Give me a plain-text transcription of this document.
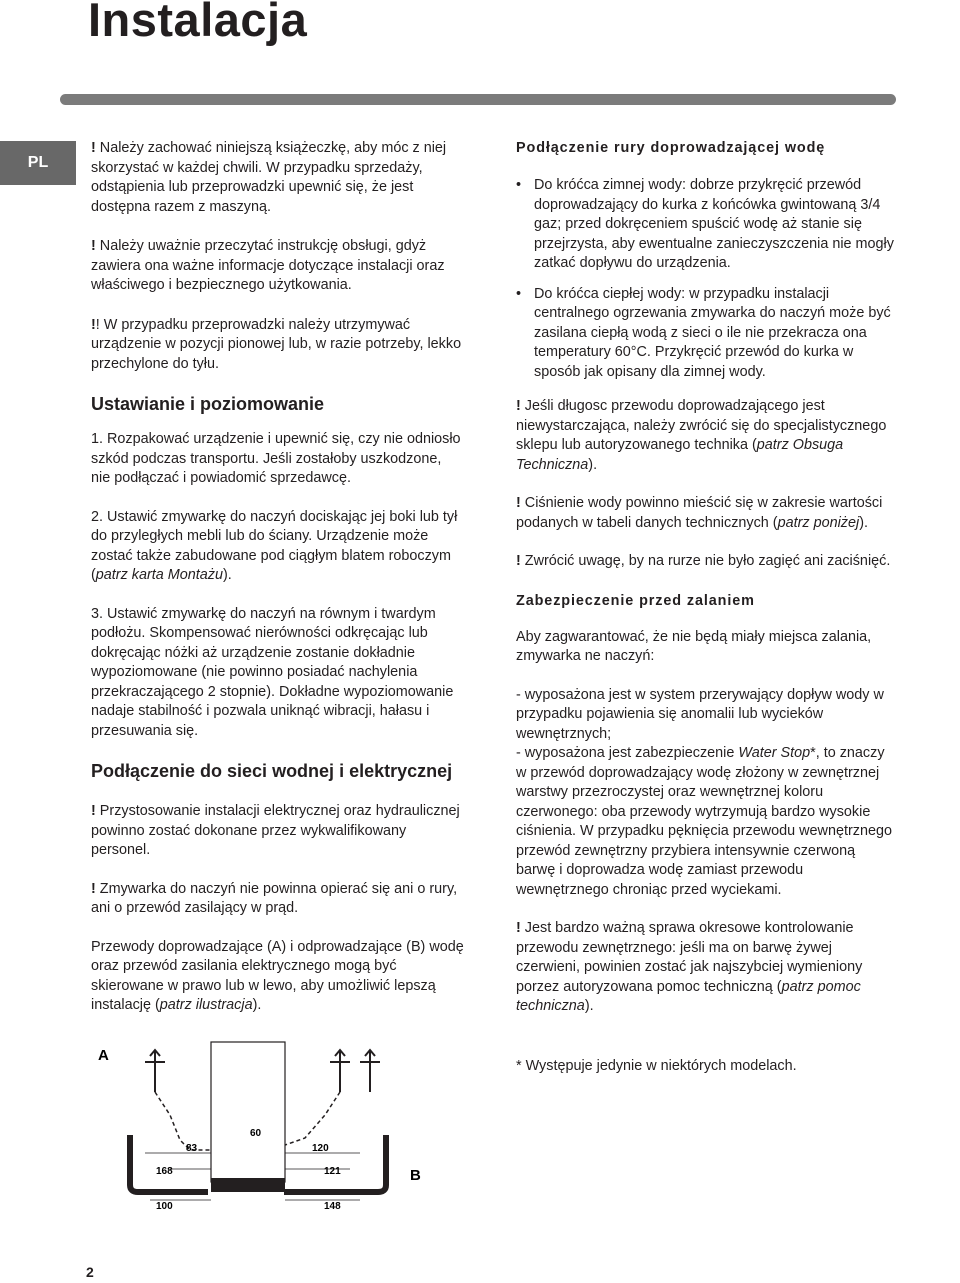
Instalacja
PL

! Należy zachować niniejszą książeczkę, aby móc z niej skorzystać w każdej chwili. W przypadku sprzedaży, odstąpienia lub przeprowadzki upewnić się, że jest dostępna razem z maszyną.

! Należy uważnie przeczytać instrukcję obsługi, gdyż zawiera ona ważne informacje dotyczące instalacji oraz właściwego i bezpiecznego użytkowania.

!! W przypadku przeprowadzki należy utrzymywać urządzenie w pozycji pionowej lub, w razie potrzeby, lekko przechylone do tyłu.

Ustawianie i poziomowanie

1. Rozpakować urządzenie i upewnić się, czy nie odniosło szkód podczas transportu. Jeśli zostałoby uszkodzone, nie podłączać i powiadomić sprzedawcę.

2. Ustawić zmywarkę do naczyń dociskając jej boki lub tył do przyległych mebli lub do ściany. Urządzenie może zostać także zabudowane pod ciągłym blatem roboczym (patrz karta Montażu).

3. Ustawić zmywarkę do naczyń na równym i twardym podłożu. Skompensować nierówności odkręcając lub dokręcając nóżki aż urządzenie zostanie dokładnie wypoziomowane (nie powinno posiadać nachylenia przekraczającego 2 stopnie). Dokładne wypoziomowanie nadaje stabilność i pozwala uniknąć wibracji, hałasu i przesuwania się.

Podłączenie do sieci wodnej i elektrycznej

! Przystosowanie instalacji elektrycznej oraz hydraulicznej powinno zostać dokonane przez wykwalifikowany personel.

! Zmywarka do naczyń nie powinna opierać się ani o rury, ani o przewód zasilający w prąd.

Przewody doprowadzające (A) i odprowadzające (B) wodę oraz przewód zasilania elektrycznego mogą być skierowane w prawo lub w lewo, aby umożliwić lepszą instalację (patrz ilustracja).

A
B
60
83	120
168	121
100	148

Podłączenie rury doprowadzającej wodę

• Do króćca zimnej wody: dobrze przykręcić przewód doprowadzający do kurka z końcówka gwintowaną 3/4 gaz; przed dokręceniem spuścić wodę aż stanie się przejrzysta, aby ewentualne zanieczyszczenia nie mogły zatkać dopływu do urządzenia.
• Do króćca ciepłej wody: w przypadku instalacji centralnego ogrzewania zmywarka do naczyń może być zasilana ciepłą wodą z sieci o ile nie przekracza ona temperatury 60°C. Przykręcić przewód do kurka w sposób jak opisany dla zimnej wody.

! Jeśli długosc przewodu doprowadzającego jest niewystarczająca, należy zwrócić się do specjalistycznego sklepu lub autoryzowanego technika (patrz Obsuga Techniczna).

! Ciśnienie wody powinno mieścić się w zakresie wartości podanych w tabeli danych technicznych (patrz poniżej).

! Zwrócić uwagę, by na rurze nie było zagięć ani zaciśnięć.

Zabezpieczenie przed zalaniem

Aby zagwarantować, że nie będą miały miejsca zalania, zmywarka ne naczyń:

- wyposażona jest w system przerywający dopływ wody w przypadku pojawienia się anomalii lub wycieków wewnętrznych;

- wyposażona jest zabezpieczenie Water Stop*, to znaczy w przewód doprowadzający wodę złożony w zewnętrznej warstwy przezroczystej oraz wewnętrznej koloru czerwonego: oba przewody wytrzymują bardzo wysokie ciśnienia. W przypadku pęknięcia przewodu wewnętrznego przewód zewnętrzny przybiera intensywnie czerwoną barwę i doprowadza wodę zamiast przewodu wewnętrznego chroniąc przed wyciekami.

! Jest bardzo ważną sprawa okresowe kontrolowanie przewodu zewnętrznego: jeśli ma on barwę żywej czerwieni, powinien zostać jak najszybciej wymieniony porzez autoryzowana pomoc techniczną (patrz pomoc techniczna).

* Występuje jedynie w niektórych modelach.

2
